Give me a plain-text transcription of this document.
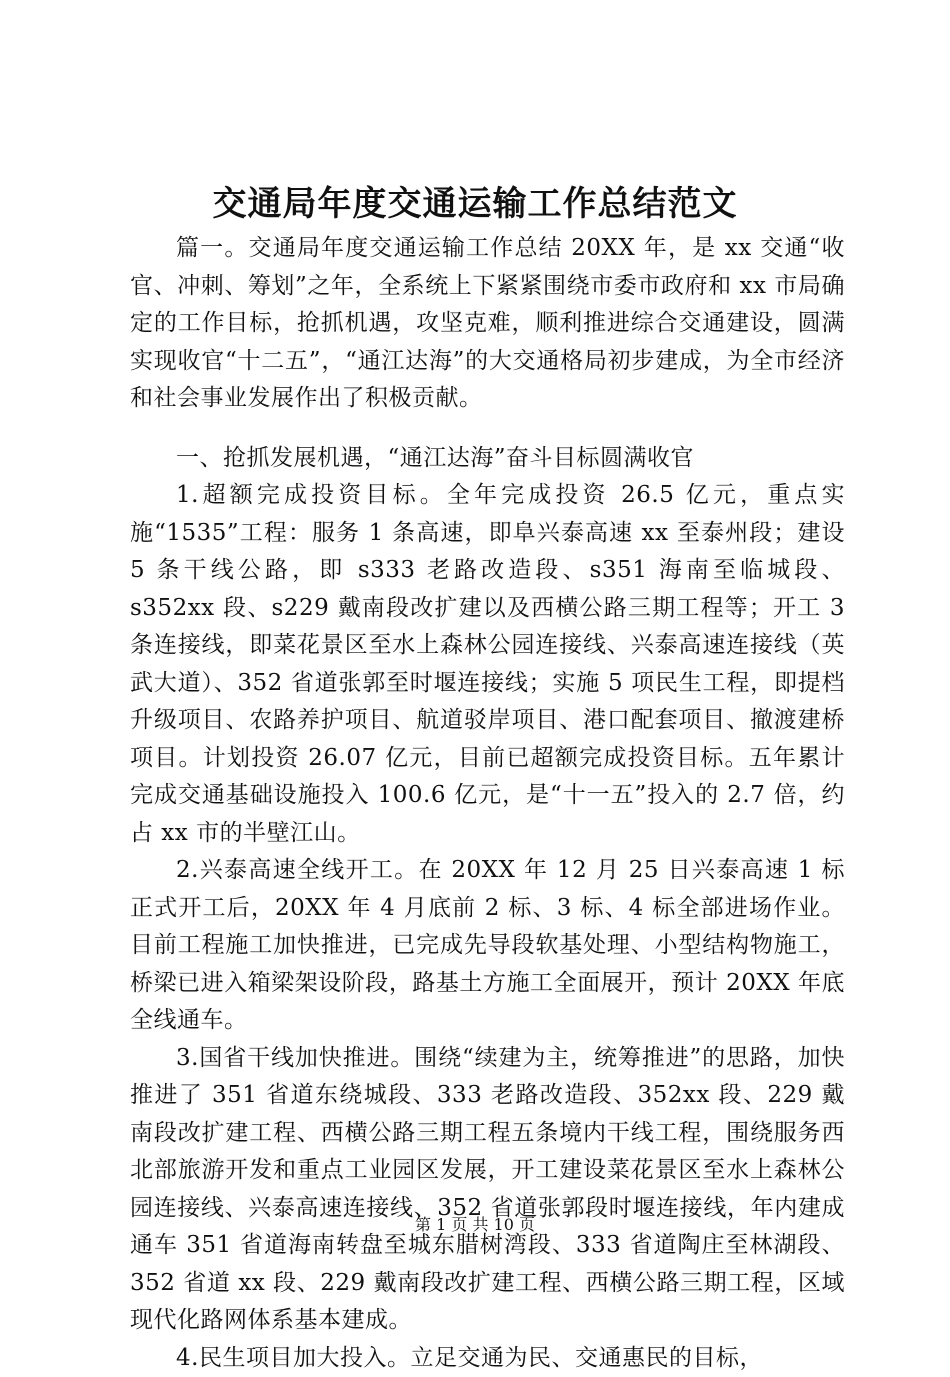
交通局年度交通运输工作总结范文

篇一。交通局年度交通运输工作总结 20XX 年，是 xx 交通“收官、冲刺、筹划”之年，全系统上下紧紧围绕市委市政府和 xx 市局确定的工作目标，抢抓机遇，攻坚克难，顺利推进综合交通建设，圆满实现收官“十二五”，“通江达海”的大交通格局初步建成，为全市经济和社会事业发展作出了积极贡献。

一、抢抓发展机遇，“通江达海”奋斗目标圆满收官

1.超额完成投资目标。全年完成投资 26.5 亿元，重点实施“1535”工程：服务 1 条高速，即阜兴泰高速 xx 至泰州段；建设 5 条干线公路，即 s333 老路改造段、s351 海南至临城段、s352xx 段、s229 戴南段改扩建以及西横公路三期工程等；开工 3 条连接线，即菜花景区至水上森林公园连接线、兴泰高速连接线（英武大道）、352 省道张郭至时堰连接线；实施 5 项民生工程，即提档升级项目、农路养护项目、航道驳岸项目、港口配套项目、撤渡建桥项目。计划投资 26.07 亿元，目前已超额完成投资目标。五年累计完成交通基础设施投入 100.6 亿元，是“十一五”投入的 2.7 倍，约占 xx 市的半壁江山。

2.兴泰高速全线开工。在 20XX 年 12 月 25 日兴泰高速 1 标正式开工后，20XX 年 4 月底前 2 标、3 标、4 标全部进场作业。目前工程施工加快推进，已完成先导段软基处理、小型结构物施工，桥梁已进入箱梁架设阶段，路基土方施工全面展开，预计 20XX 年底全线通车。

3.国省干线加快推进。围绕“续建为主，统筹推进”的思路，加快推进了 351 省道东绕城段、333 老路改造段、352xx 段、229 戴南段改扩建工程、西横公路三期工程五条境内干线工程，围绕服务西北部旅游开发和重点工业园区发展，开工建设菜花景区至水上森林公园连接线、兴泰高速连接线、352 省道张郭段时堰连接线，年内建成通车 351 省道海南转盘至城东腊树湾段、333 省道陶庄至林湖段、352 省道 xx 段、229 戴南段改扩建工程、西横公路三期工程，区域现代化路网体系基本建成。

4.民生项目加大投入。立足交通为民、交通惠民的目标，

第 1 页 共 10 页
